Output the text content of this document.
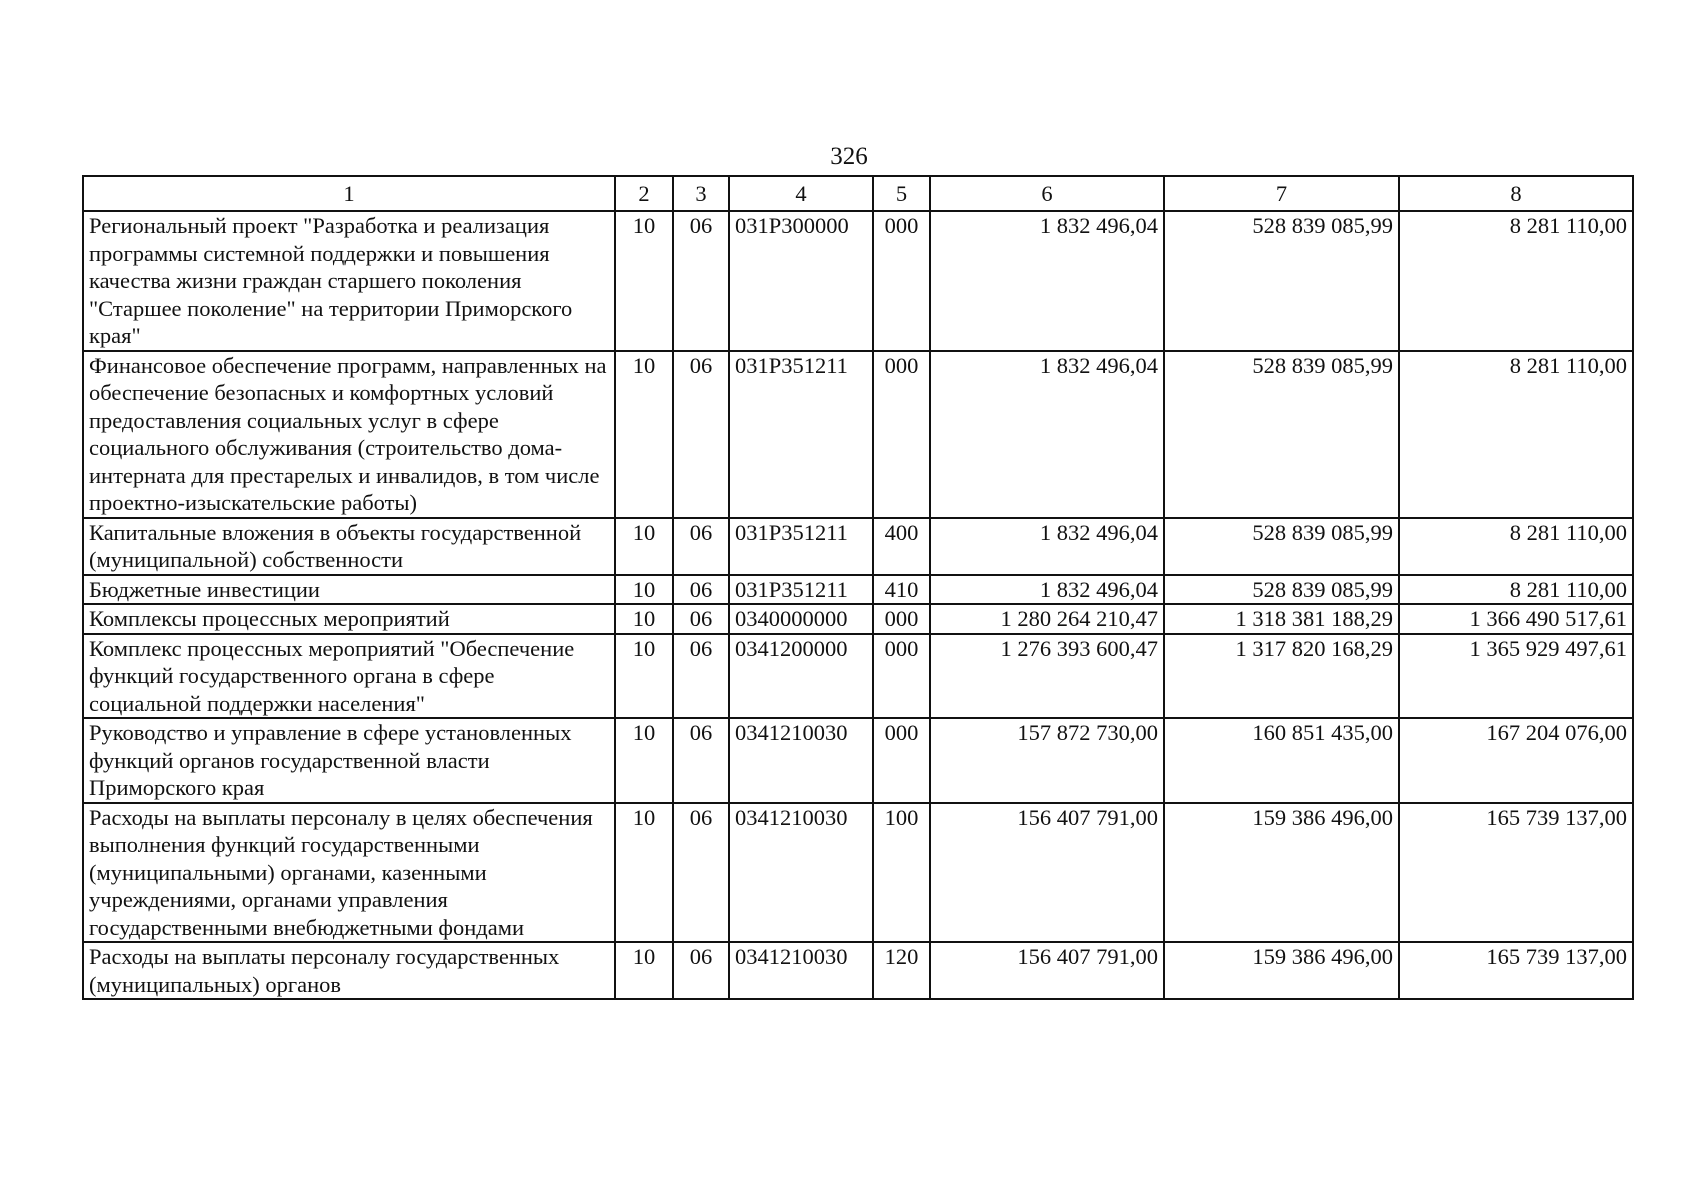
326
1	2	3	4	5	6	7	8
Региональный проект "Разработка и реализация программы системной поддержки и повышения качества жизни граждан старшего поколения "Старшее поколение" на территории Приморского края"	10	06	031P300000	000	1 832 496,04	528 839 085,99	8 281 110,00
Финансовое обеспечение программ, направленных на обеспечение безопасных и комфортных условий предоставления социальных услуг в сфере социального обслуживания (строительство дома-интерната для престарелых и инвалидов, в том числе проектно-изыскательские работы)	10	06	031P351211	000	1 832 496,04	528 839 085,99	8 281 110,00
Капитальные вложения в объекты государственной (муниципальной) собственности	10	06	031P351211	400	1 832 496,04	528 839 085,99	8 281 110,00
Бюджетные инвестиции	10	06	031P351211	410	1 832 496,04	528 839 085,99	8 281 110,00
Комплексы процессных мероприятий	10	06	0340000000	000	1 280 264 210,47	1 318 381 188,29	1 366 490 517,61
Комплекс процессных мероприятий "Обеспечение функций государственного органа в сфере социальной поддержки населения"	10	06	0341200000	000	1 276 393 600,47	1 317 820 168,29	1 365 929 497,61
Руководство и управление в сфере установленных функций органов государственной власти Приморского края	10	06	0341210030	000	157 872 730,00	160 851 435,00	167 204 076,00
Расходы на выплаты персоналу в целях обеспечения выполнения функций государственными (муниципальными) органами, казенными учреждениями, органами управления государственными внебюджетными фондами	10	06	0341210030	100	156 407 791,00	159 386 496,00	165 739 137,00
Расходы на выплаты персоналу государственных (муниципальных) органов	10	06	0341210030	120	156 407 791,00	159 386 496,00	165 739 137,00
